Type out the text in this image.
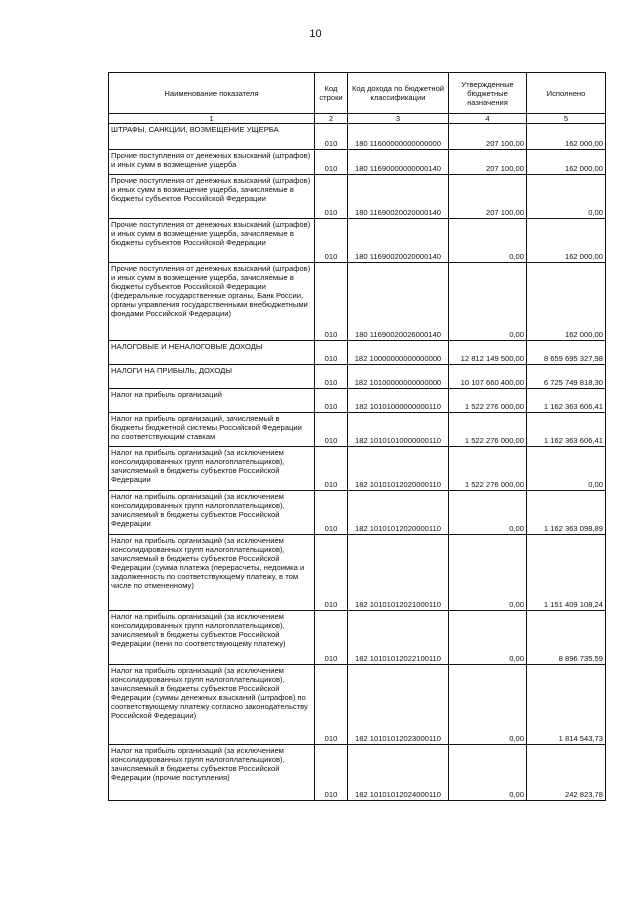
10
Наименование показателя	Код строки	Код дохода по бюджетной классификации	Утвержденные бюджетные назначения	Исполнено
1	2	3	4	5
ШТРАФЫ, САНКЦИИ, ВОЗМЕЩЕНИЕ УЩЕРБА	010	180 11600000000000000	207 100,00	162 000,00
Прочие поступления от денежных взысканий (штрафов) и иных сумм в возмещение ущерба	010	180 11690000000000140	207 100,00	162 000,00
Прочие поступления от денежных взысканий (штрафов) и иных сумм в возмещение ущерба, зачисляемые в бюджеты субъектов Российской Федерации	010	180 11690020020000140	207 100,00	0,00
Прочие поступления от денежных взысканий (штрафов) и иных сумм в возмещение ущерба, зачисляемые в бюджеты субъектов Российской Федерации	010	180 11690020020000140	0,00	162 000,00
Прочие поступления от денежных взысканий (штрафов) и иных сумм в возмещение ущерба, зачисляемые в бюджеты субъектов Российской Федерации (федеральные государственные органы, Банк России, органы управления государственными внебюджетными фондами Российской Федерации)	010	180 11690020026000140	0,00	162 000,00
НАЛОГОВЫЕ И НЕНАЛОГОВЫЕ ДОХОДЫ	010	182 10000000000000000	12 812 149 500,00	8 659 695 327,98
НАЛОГИ НА ПРИБЫЛЬ, ДОХОДЫ	010	182 10100000000000000	10 107 660 400,00	6 725 749 818,30
Налог на прибыль организаций	010	182 10101000000000110	1 522 276 000,00	1 162 363 606,41
Налог на прибыль организаций, зачисляемый в бюджеты бюджетной системы Российской Федерации по соответствующим ставкам	010	182 10101010000000110	1 522 276 000,00	1 162 363 606,41
Налог на прибыль организаций (за исключением консолидированных групп налогоплательщиков), зачисляемый в бюджеты субъектов Российской Федерации	010	182 10101012020000110	1 522 276 000,00	0,00
Налог на прибыль организаций (за исключением консолидированных групп налогоплательщиков), зачисляемый в бюджеты субъектов Российской Федерации	010	182 10101012020000110	0,00	1 162 363 098,89
Налог на прибыль организаций (за исключением консолидированных групп налогоплательщиков), зачисляемый в бюджеты субъектов Российской Федерации (сумма платежа (перерасчеты, недоимка и задолженность по соответствующему платежу, в том числе по отмененному)	010	182 10101012021000110	0,00	1 151 409 108,24
Налог на прибыль организаций (за исключением консолидированных групп налогоплательщиков), зачисляемый в бюджеты субъектов Российской Федерации (пени по соответствующему платежу)	010	182 10101012022100110	0,00	8 896 735,59
Налог на прибыль организаций (за исключением консолидированных групп налогоплательщиков), зачисляемый в бюджеты субъектов Российской Федерации (суммы денежных взысканий (штрафов) по соответствующему платежу согласно законодательству Российской Федерации)	010	182 10101012023000110	0,00	1 814 543,73
Налог на прибыль организаций (за исключением консолидированных групп налогоплательщиков), зачисляемый в бюджеты субъектов Российской Федерации (прочие поступления)	010	182 10101012024000110	0,00	242 823,78
